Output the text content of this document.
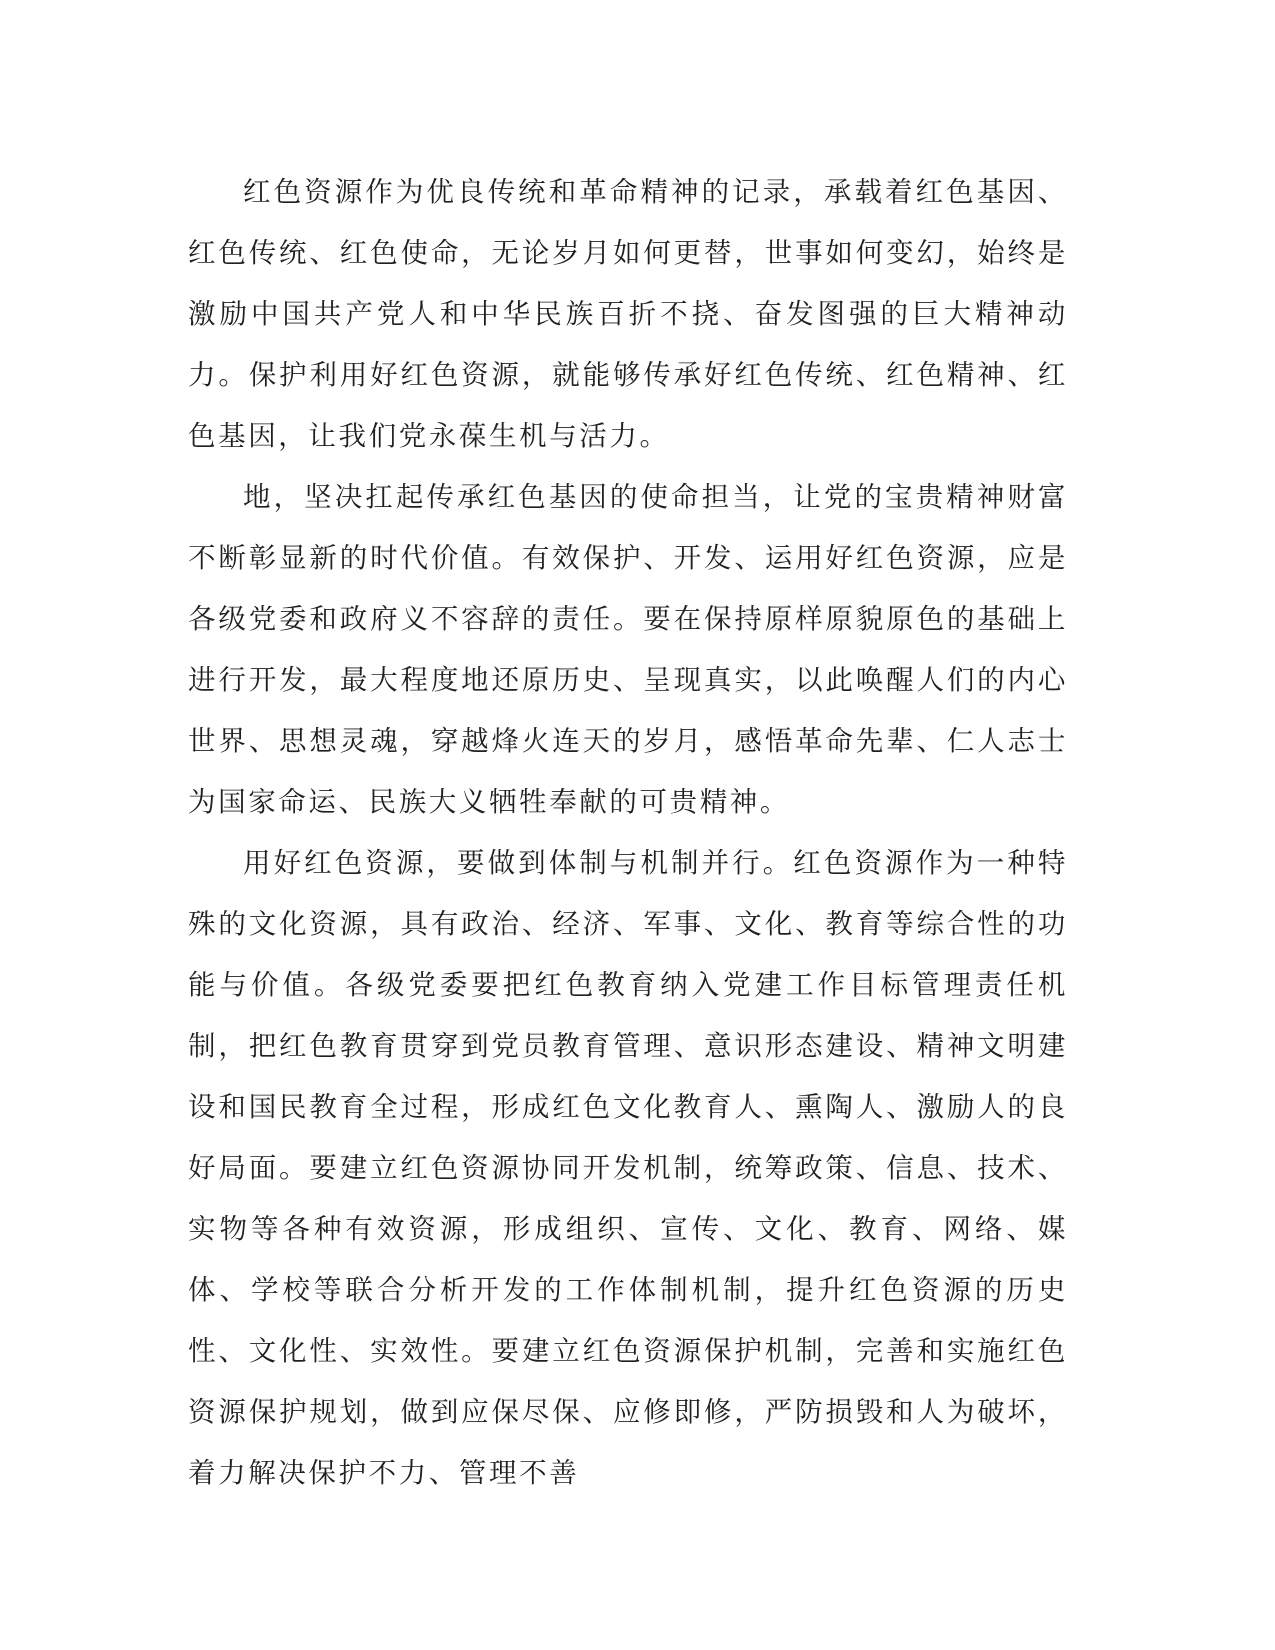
红色资源作为优良传统和革命精神的记录，承载着红色基因、红色传统、红色使命，无论岁月如何更替，世事如何变幻，始终是激励中国共产党人和中华民族百折不挠、奋发图强的巨大精神动力。保护利用好红色资源，就能够传承好红色传统、红色精神、红色基因，让我们党永葆生机与活力。

地，坚决扛起传承红色基因的使命担当，让党的宝贵精神财富不断彰显新的时代价值。有效保护、开发、运用好红色资源，应是各级党委和政府义不容辞的责任。要在保持原样原貌原色的基础上进行开发，最大程度地还原历史、呈现真实，以此唤醒人们的内心世界、思想灵魂，穿越烽火连天的岁月，感悟革命先辈、仁人志士为国家命运、民族大义牺牲奉献的可贵精神。

用好红色资源，要做到体制与机制并行。红色资源作为一种特殊的文化资源，具有政治、经济、军事、文化、教育等综合性的功能与价值。各级党委要把红色教育纳入党建工作目标管理责任机制，把红色教育贯穿到党员教育管理、意识形态建设、精神文明建设和国民教育全过程，形成红色文化教育人、熏陶人、激励人的良好局面。要建立红色资源协同开发机制，统筹政策、信息、技术、实物等各种有效资源，形成组织、宣传、文化、教育、网络、媒体、学校等联合分析开发的工作体制机制，提升红色资源的历史性、文化性、实效性。要建立红色资源保护机制，完善和实施红色资源保护规划，做到应保尽保、应修即修，严防损毁和人为破坏，着力解决保护不力、管理不善
